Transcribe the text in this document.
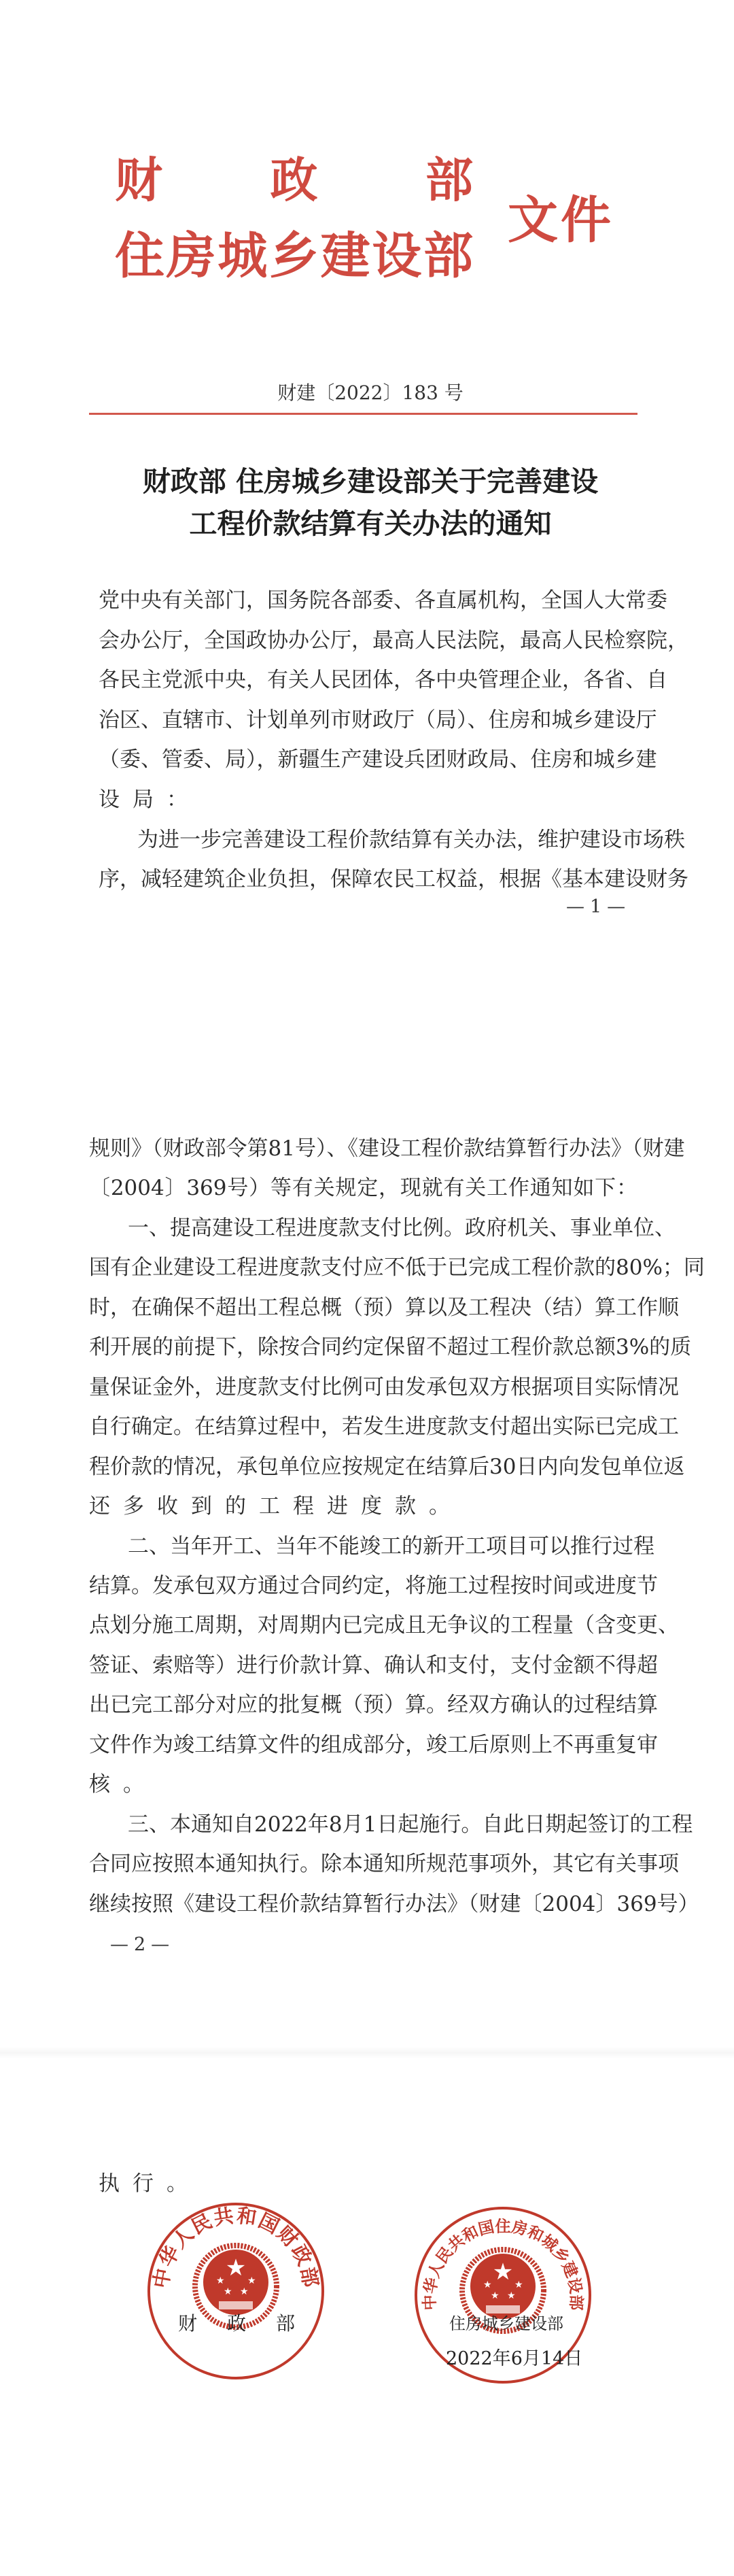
财 政 部
住 房 城 乡 建 设 部
文 件
财建〔2022〕183 号
财政部 住房城乡建设部关于完善建设
工程价款结算有关办法的通知
党中央有关部门，国务院各部委、各直属机构，全国人大常委
会办公厅，全国政协办公厅，最高人民法院，最高人民检察院，
各民主党派中央，有关人民团体，各中央管理企业，各省、自
治区、直辖市、计划单列市财政厅（局）、住房和城乡建设厅
（委、管委、局），新疆生产建设兵团财政局、住房和城乡建
设局：
为进一步完善建设工程价款结算有关办法，维护建设市场秩
序，减轻建筑企业负担，保障农民工权益，根据《基本建设财务
规则》（财政部令第81号）、《建设工程价款结算暂行办法》（财建
〔2004〕369号）等有关规定，现就有关工作通知如下：
一、提高建设工程进度款支付比例。政府机关、事业单位、
国有企业建设工程进度款支付应不低于已完成工程价款的80%；同
时，在确保不超出工程总概（预）算以及工程决（结）算工作顺
利开展的前提下，除按合同约定保留不超过工程价款总额3%的质
量保证金外，进度款支付比例可由发承包双方根据项目实际情况
自行确定。在结算过程中，若发生进度款支付超出实际已完成工
程价款的情况，承包单位应按规定在结算后30日内向发包单位返
还多收到的工程进度款。
二、当年开工、当年不能竣工的新开工项目可以推行过程
结算。发承包双方通过合同约定，将施工过程按时间或进度节
点划分施工周期，对周期内已完成且无争议的工程量（含变更、
签证、索赔等）进行价款计算、确认和支付，支付金额不得超
出已完工部分对应的批复概（预）算。经双方确认的过程结算
文件作为竣工结算文件的组成部分，竣工后原则上不再重复审
核。
三、本通知自2022年8月1日起施行。自此日期起签订的工程
合同应按照本通知执行。除本通知所规范事项外，其它有关事项
继续按照《建设工程价款结算暂行办法》（财建〔2004〕369号）
执行。
—1—
—2—
★
★ ★
★ ★
中华人民共和国财政部	★
★ ★
★ ★
中华人民共和国住房和城乡建设部
财 政 部	住 房 城 乡 建 设 部
2022年6月14日
